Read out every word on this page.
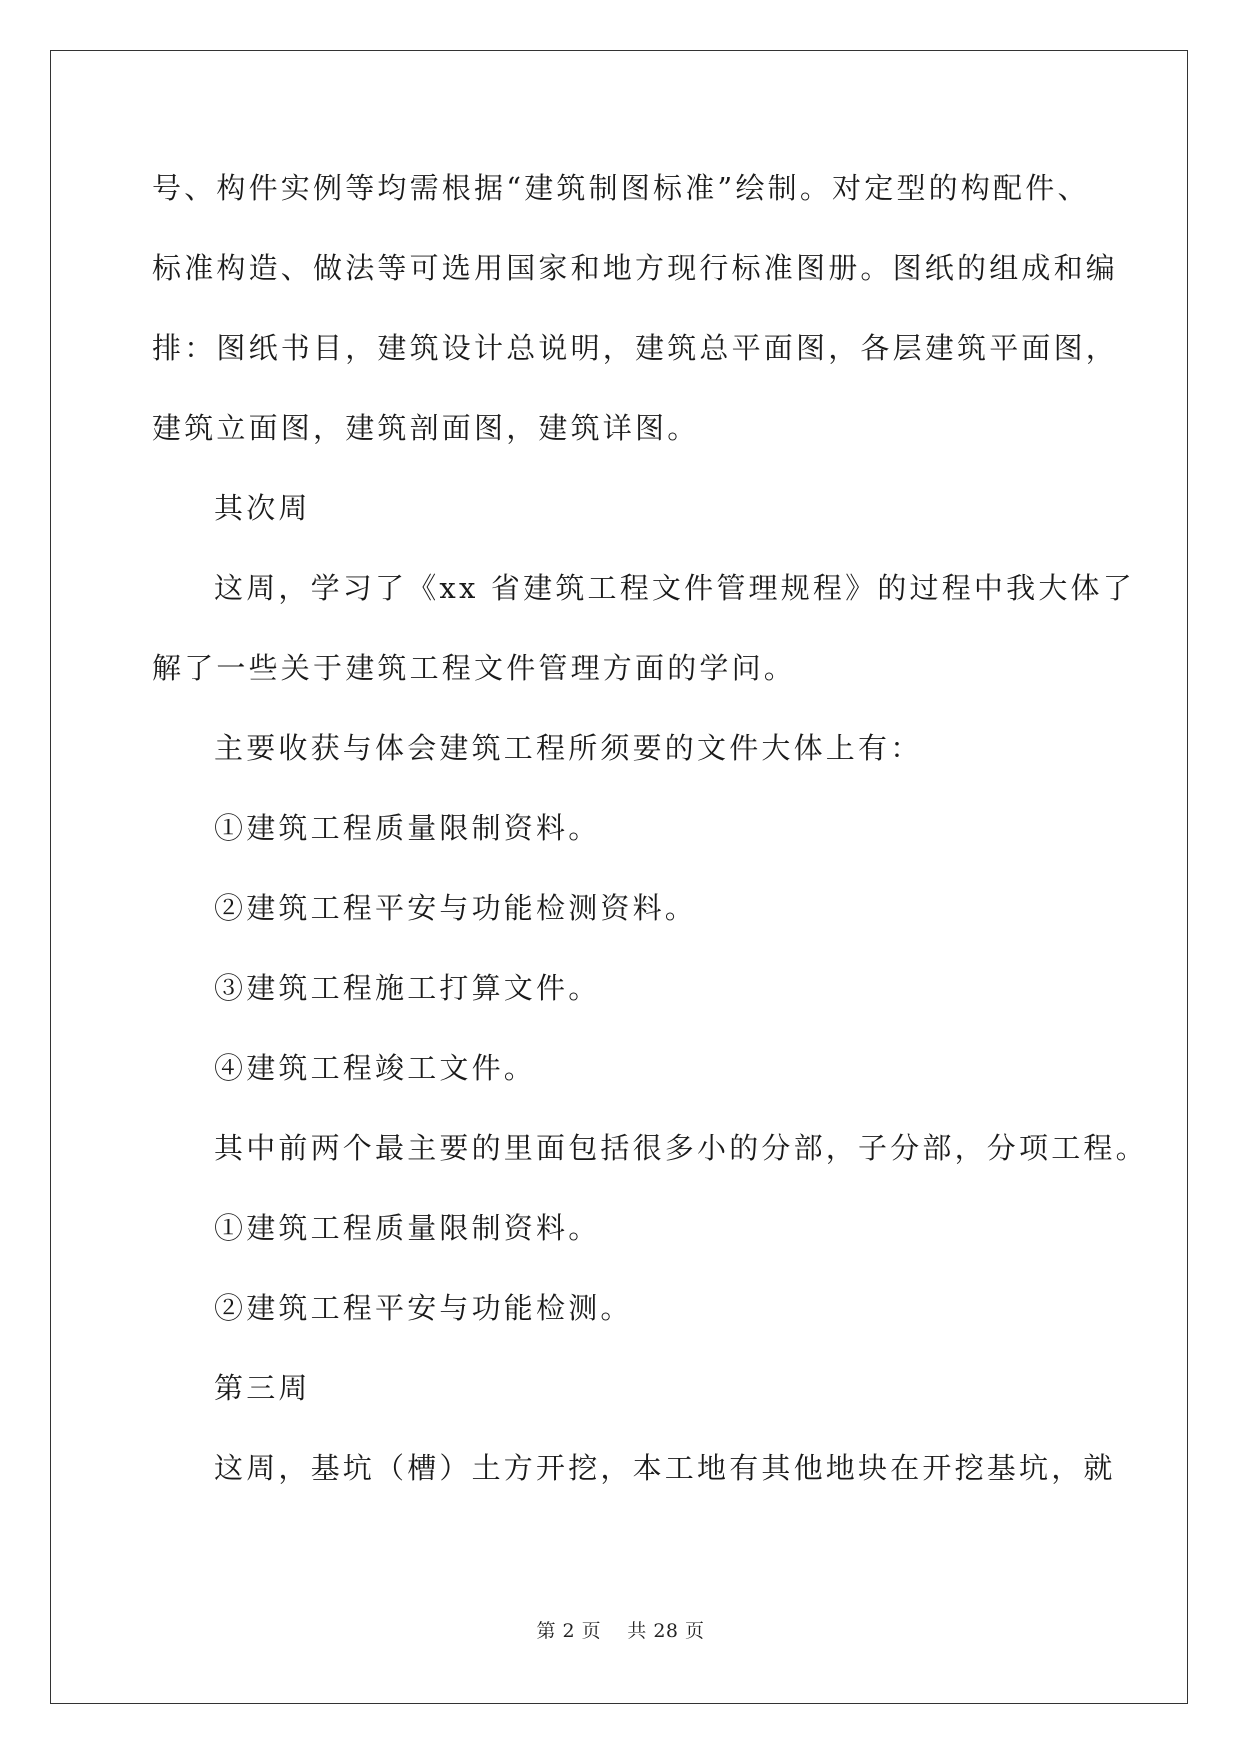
号、构件实例等均需根据“建筑制图标准”绘制。对定型的构配件、

标准构造、做法等可选用国家和地方现行标准图册。图纸的组成和编

排：图纸书目，建筑设计总说明，建筑总平面图，各层建筑平面图，

建筑立面图，建筑剖面图，建筑详图。

其次周

这周，学习了《xx 省建筑工程文件管理规程》的过程中我大体了

解了一些关于建筑工程文件管理方面的学问。

主要收获与体会建筑工程所须要的文件大体上有：

①建筑工程质量限制资料。

②建筑工程平安与功能检测资料。

③建筑工程施工打算文件。

④建筑工程竣工文件。

其中前两个最主要的里面包括很多小的分部，子分部，分项工程。

①建筑工程质量限制资料。

②建筑工程平安与功能检测。

第三周

这周，基坑（槽）土方开挖，本工地有其他地块在开挖基坑，就

第 2 页    共 28 页
